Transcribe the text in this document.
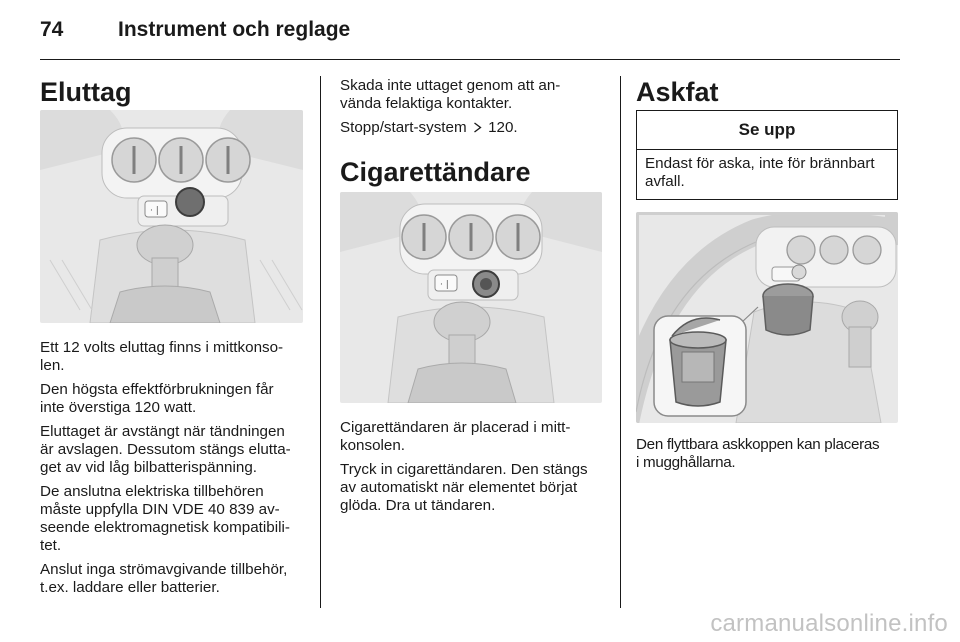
74	Instrument och reglage
Eluttag
· |

Ett 12 volts eluttag finns i mittkonso-
len.

Den högsta effektförbrukningen får
inte överstiga 120 watt.

Eluttaget är avstängt när tändningen
är avslagen. Dessutom stängs elutta-
get av vid låg bilbatterispänning.

De anslutna elektriska tillbehören
måste uppfylla DIN VDE 40 839 av-
seende elektromagnetisk kompatibili-
tet.

Anslut inga strömavgivande tillbehör,
t.ex. laddare eller batterier.

Skada inte uttaget genom att an-
vända felaktiga kontakter.

Stopp/start-system 120.

Cigarettändare
· |

Cigarettändaren är placerad i mitt-
konsolen.

Tryck in cigarettändaren. Den stängs
av automatiskt när elementet börjat
glöda. Dra ut tändaren.

Askfat
Se upp
Endast för aska, inte för brännbart
avfall.

Den flyttbara askkoppen kan placeras
i mugghållarna.

carmanualsonline.info
